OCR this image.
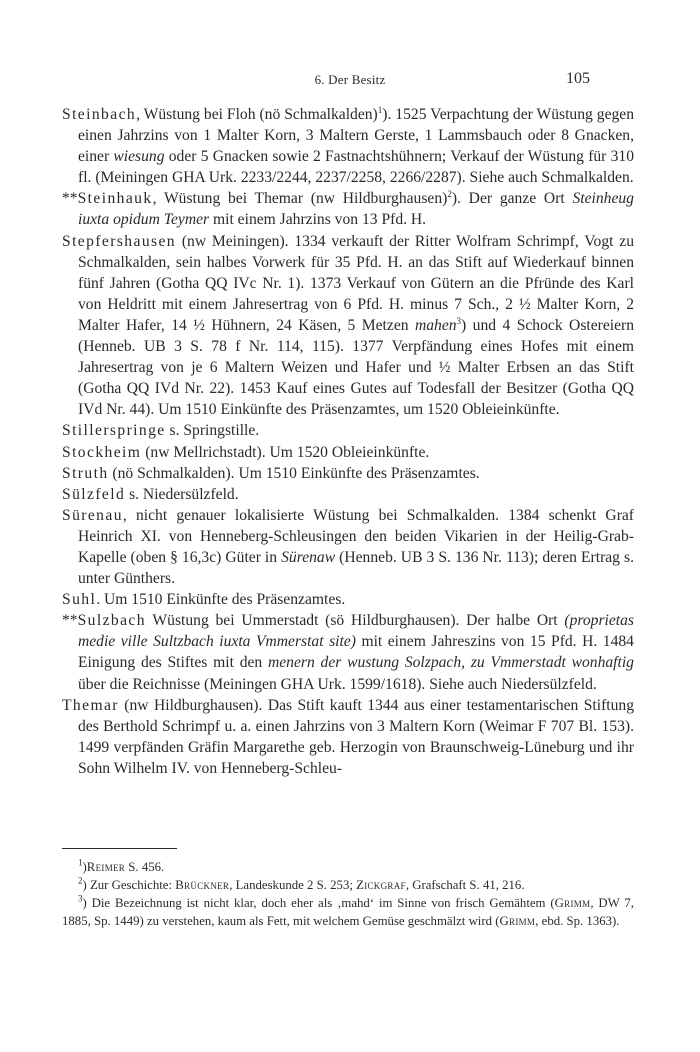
6. Der Besitz	105

Steinbach, Wüstung bei Floh (nö Schmalkalden)$^1$). 1525 Verpachtung der Wüstung gegen einen Jahrzins von 1 Malter Korn, 3 Maltern Gerste, 1 Lammsbauch oder 8 Gnacken, einer wiesung oder 5 Gnacken sowie 2 Fastnachtshühnern; Verkauf der Wüstung für 310 fl. (Meiningen GHA Urk. 2233/2244, 2237/2258, 2266/2287). Siehe auch Schmalkalden.

**Steinhauk, Wüstung bei Themar (nw Hildburghausen)$^2$). Der ganze Ort Steinheug iuxta opidum Teymer mit einem Jahrzins von 13 Pfd. H.

Stepfershausen (nw Meiningen). 1334 verkauft der Ritter Wolfram Schrimpf, Vogt zu Schmalkalden, sein halbes Vorwerk für 35 Pfd. H. an das Stift auf Wiederkauf binnen fünf Jahren (Gotha QQ IVc Nr. 1). 1373 Verkauf von Gütern an die Pfründe des Karl von Heldritt mit einem Jahresertrag von 6 Pfd. H. minus 7 Sch., 2 ½ Malter Korn, 2 Malter Hafer, 14 ½ Hühnern, 24 Käsen, 5 Metzen mahen$^3$) und 4 Schock Ostereiern (Henneb. UB 3 S. 78 f Nr. 114, 115). 1377 Verpfändung eines Hofes mit einem Jahresertrag von je 6 Maltern Weizen und Hafer und ½ Malter Erbsen an das Stift (Gotha QQ IVd Nr. 22). 1453 Kauf eines Gutes auf Todesfall der Besitzer (Gotha QQ IVd Nr. 44). Um 1510 Einkünfte des Präsenzamtes, um 1520 Obleieinkünfte.

Stillerspringe s. Springstille.

Stockheim (nw Mellrichstadt). Um 1520 Obleieinkünfte.

Struth (nö Schmalkalden). Um 1510 Einkünfte des Präsenzamtes.

Sülzfeld s. Niedersülzfeld.

Sürenau, nicht genauer lokalisierte Wüstung bei Schmalkalden. 1384 schenkt Graf Heinrich XI. von Henneberg-Schleusingen den beiden Vikarien in der Heilig-Grab-Kapelle (oben § 16,3c) Güter in Sürenaw (Henneb. UB 3 S. 136 Nr. 113); deren Ertrag s. unter Günthers.

Suhl. Um 1510 Einkünfte des Präsenzamtes.

**Sulzbach Wüstung bei Ummerstadt (sö Hildburghausen). Der halbe Ort (proprietas medie ville Sultzbach iuxta Vmmerstat site) mit einem Jahreszins von 15 Pfd. H. 1484 Einigung des Stiftes mit den menern der wustung Solzpach, zu Vmmerstadt wonhaftig über die Reichnisse (Meiningen GHA Urk. 1599/1618). Siehe auch Niedersülzfeld.

Themar (nw Hildburghausen). Das Stift kauft 1344 aus einer testamentarischen Stiftung des Berthold Schrimpf u. a. einen Jahrzins von 3 Maltern Korn (Weimar F 707 Bl. 153). 1499 verpfänden Gräfin Margarethe geb. Herzogin von Braunschweig-Lüneburg und ihr Sohn Wilhelm IV. von Henneberg-Schleu-

$^1$)Reimer S. 456.

$^2$) Zur Geschichte: Brückner, Landeskunde 2 S. 253; Zickgraf, Grafschaft S. 41, 216.

$^3$) Die Bezeichnung ist nicht klar, doch eher als ‚mahd‘ im Sinne von frisch Gemähtem (Grimm, DW 7, 1885, Sp. 1449) zu verstehen, kaum als Fett, mit welchem Gemüse geschmälzt wird (Grimm, ebd. Sp. 1363).
